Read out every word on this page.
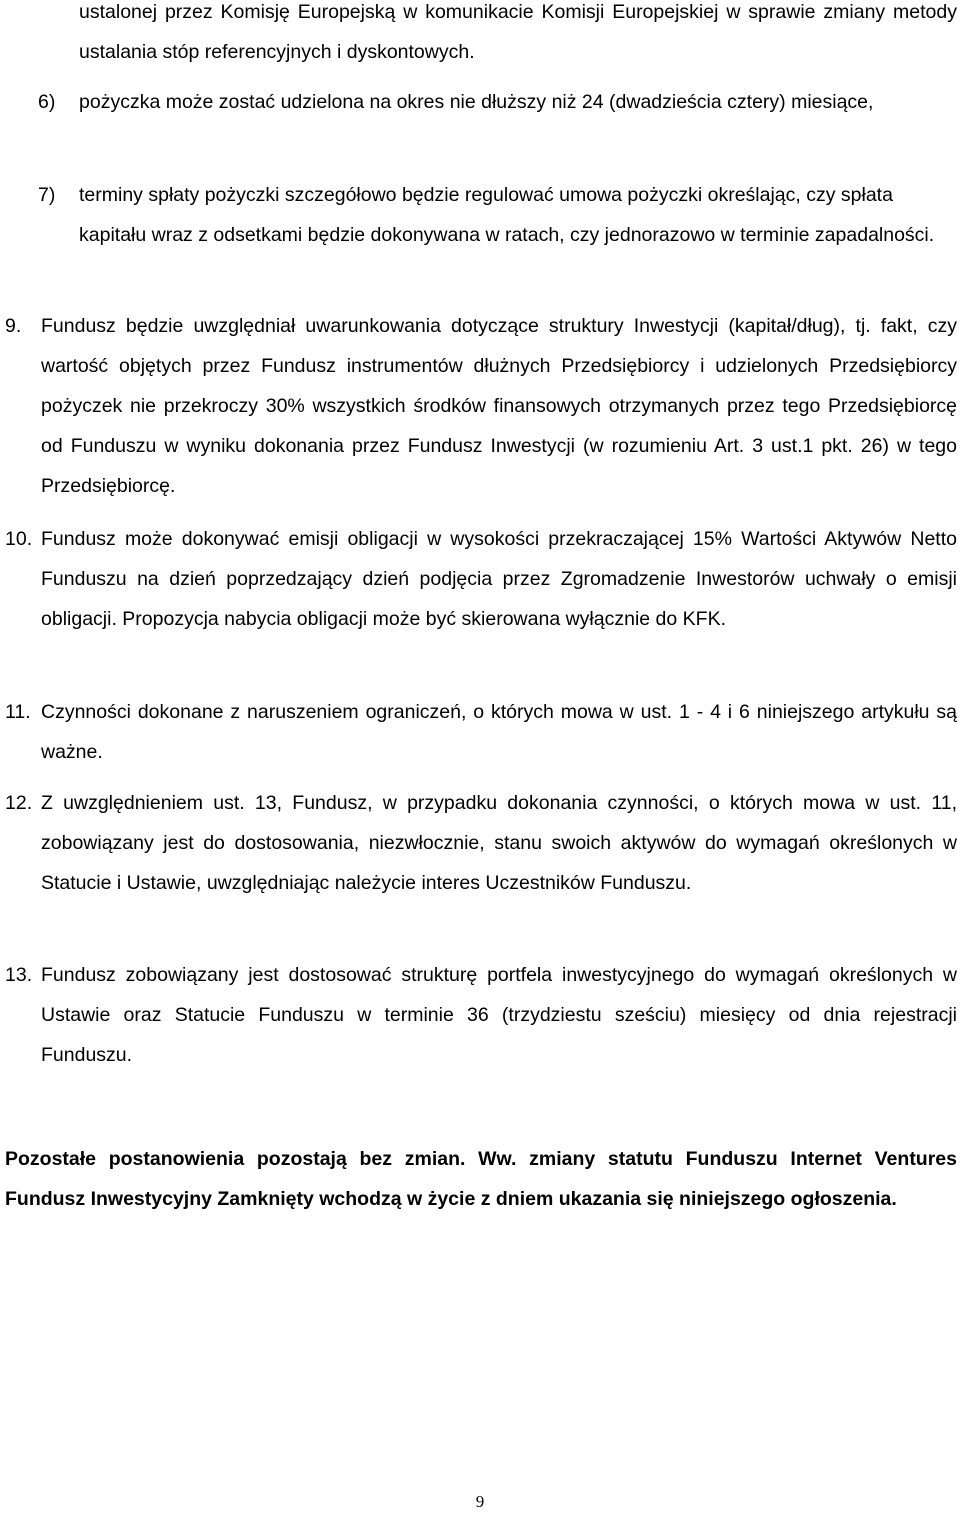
ustalonej przez Komisję Europejską w komunikacie Komisji Europejskiej w sprawie zmiany metody ustalania stóp referencyjnych i dyskontowych.

6) pożyczka może zostać udzielona na okres nie dłuższy niż 24 (dwadzieścia cztery) miesiące,
7) terminy spłaty pożyczki szczegółowo będzie regulować umowa pożyczki określając, czy spłata kapitału wraz z odsetkami będzie dokonywana w ratach, czy jednorazowo w terminie zapadalności.
9. Fundusz będzie uwzględniał uwarunkowania dotyczące struktury Inwestycji (kapitał/dług), tj. fakt, czy wartość objętych przez Fundusz instrumentów dłużnych Przedsiębiorcy i udzielonych Przedsiębiorcy pożyczek nie przekroczy 30% wszystkich środków finansowych otrzymanych przez tego Przedsiębiorcę od Funduszu w wyniku dokonania przez Fundusz Inwestycji (w rozumieniu Art. 3 ust.1 pkt. 26) w tego Przedsiębiorcę.
10. Fundusz może dokonywać emisji obligacji w wysokości przekraczającej 15% Wartości Aktywów Netto Funduszu na dzień poprzedzający dzień podjęcia przez Zgromadzenie Inwestorów uchwały o emisji obligacji. Propozycja nabycia obligacji może być skierowana wyłącznie do KFK.
11. Czynności dokonane z naruszeniem ograniczeń, o których mowa w ust. 1 - 4 i 6 niniejszego artykułu są ważne.
12. Z uwzględnieniem ust. 13, Fundusz, w przypadku dokonania czynności, o których mowa w ust. 11, zobowiązany jest do dostosowania, niezwłocznie, stanu swoich aktywów do wymagań określonych w Statucie i Ustawie, uwzględniając należycie interes Uczestników Funduszu.
13. Fundusz zobowiązany jest dostosować strukturę portfela inwestycyjnego do wymagań określonych w Ustawie oraz Statucie Funduszu w terminie 36 (trzydziestu sześciu) miesięcy od dnia rejestracji Funduszu.

Pozostałe postanowienia pozostają bez zmian. Ww. zmiany statutu Funduszu Internet Ventures Fundusz Inwestycyjny Zamknięty wchodzą w życie z dniem ukazania się niniejszego ogłoszenia.

9
